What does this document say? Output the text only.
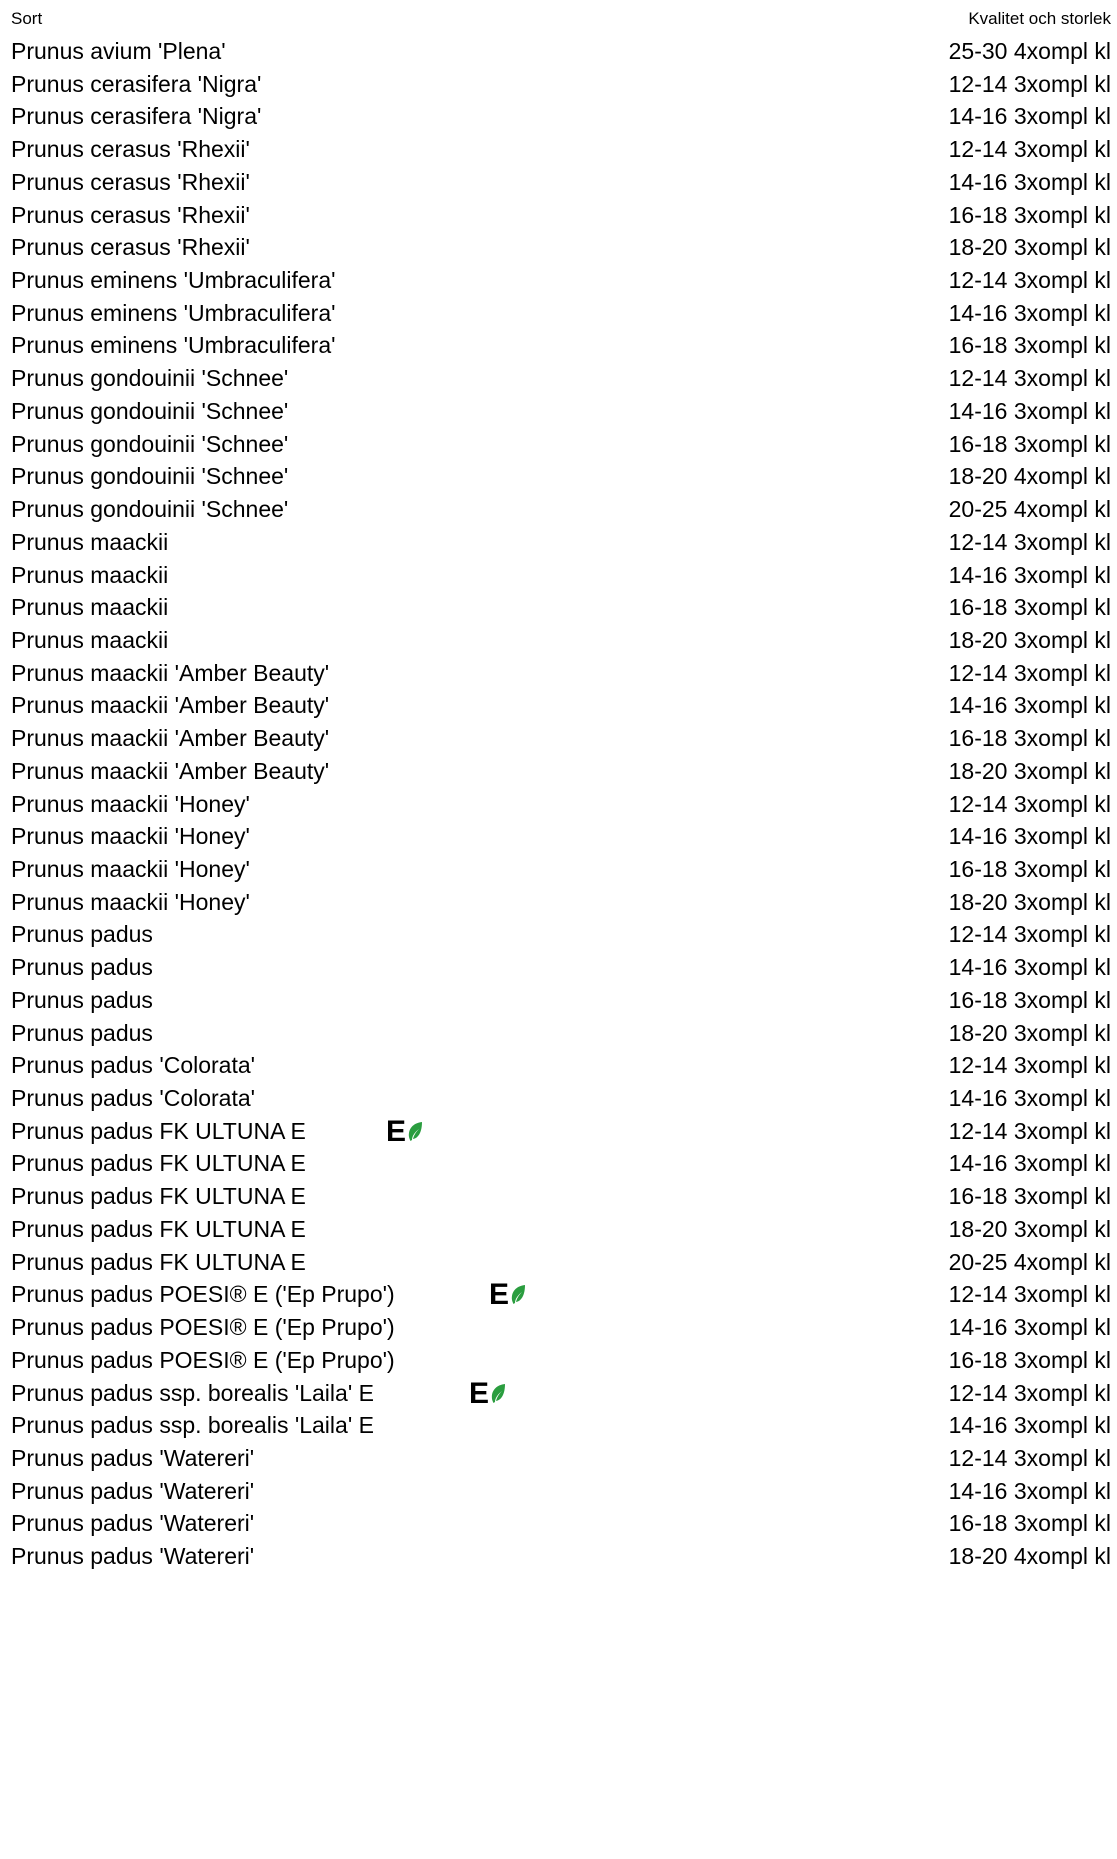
Sort	Kvalitet och storlek
Prunus avium 'Plena'	25-30 4xompl kl
Prunus cerasifera 'Nigra'	12-14 3xompl kl
Prunus cerasifera 'Nigra'	14-16 3xompl kl
Prunus cerasus 'Rhexii'	12-14 3xompl kl
Prunus cerasus 'Rhexii'	14-16 3xompl kl
Prunus cerasus 'Rhexii'	16-18 3xompl kl
Prunus cerasus 'Rhexii'	18-20 3xompl kl
Prunus eminens 'Umbraculifera'	12-14 3xompl kl
Prunus eminens 'Umbraculifera'	14-16 3xompl kl
Prunus eminens 'Umbraculifera'	16-18 3xompl kl
Prunus gondouinii 'Schnee'	12-14 3xompl kl
Prunus gondouinii 'Schnee'	14-16 3xompl kl
Prunus gondouinii 'Schnee'	16-18 3xompl kl
Prunus gondouinii 'Schnee'	18-20 4xompl kl
Prunus gondouinii 'Schnee'	20-25 4xompl kl
Prunus maackii	12-14 3xompl kl
Prunus maackii	14-16 3xompl kl
Prunus maackii	16-18 3xompl kl
Prunus maackii	18-20 3xompl kl
Prunus maackii 'Amber Beauty'	12-14 3xompl kl
Prunus maackii 'Amber Beauty'	14-16 3xompl kl
Prunus maackii 'Amber Beauty'	16-18 3xompl kl
Prunus maackii 'Amber Beauty'	18-20 3xompl kl
Prunus maackii 'Honey'	12-14 3xompl kl
Prunus maackii 'Honey'	14-16 3xompl kl
Prunus maackii 'Honey'	16-18 3xompl kl
Prunus maackii 'Honey'	18-20 3xompl kl
Prunus padus	12-14 3xompl kl
Prunus padus	14-16 3xompl kl
Prunus padus	16-18 3xompl kl
Prunus padus	18-20 3xompl kl
Prunus padus 'Colorata'	12-14 3xompl kl
Prunus padus 'Colorata'	14-16 3xompl kl
Prunus padus FK ULTUNA E	E	12-14 3xompl kl
Prunus padus FK ULTUNA E	14-16 3xompl kl
Prunus padus FK ULTUNA E	16-18 3xompl kl
Prunus padus FK ULTUNA E	18-20 3xompl kl
Prunus padus FK ULTUNA E	20-25 4xompl kl
Prunus padus POESI® E ('Ep Prupo')	E	12-14 3xompl kl
Prunus padus POESI® E ('Ep Prupo')	14-16 3xompl kl
Prunus padus POESI® E ('Ep Prupo')	16-18 3xompl kl
Prunus padus ssp. borealis 'Laila' E	E	12-14 3xompl kl
Prunus padus ssp. borealis 'Laila' E	14-16 3xompl kl
Prunus padus 'Watereri'	12-14 3xompl kl
Prunus padus 'Watereri'	14-16 3xompl kl
Prunus padus 'Watereri'	16-18 3xompl kl
Prunus padus 'Watereri'	18-20 4xompl kl
